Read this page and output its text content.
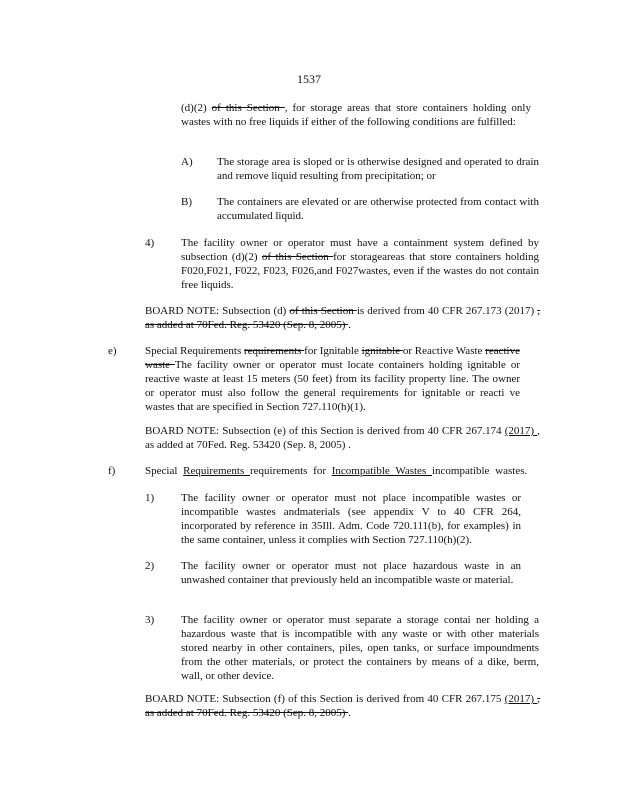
1537
(d)(2) of this Section , for storage areas that store containers holding only wastes with no free liquids if either of the following conditions are fulfilled:
A)	The storage area is sloped or is otherwise designed and operated to drain and remove liquid resulting from precipitation; or
B)	The containers are elevated or are otherwise protected from contact with accumulated liquid.
4)	The facility owner or operator must have a containment system defined by subsection (d)(2) of this Section for storageareas that store containers holding F020,F021, F022, F023, F026,and F027wastes, even if the wastes do not contain free liquids.
BOARD NOTE: Subsection (d) of this Section is derived from 40 CFR 267.173 (2017) , as added at 70Fed. Reg. 53420 (Sep. 8, 2005) .
e)	Special Requirements requirements for Ignitable ignitable or Reactive Waste reactive waste The facility owner or operator must locate containers holding ignitable or reactive waste at least 15 meters (50 feet) from its facility property line. The owner or operator must also follow the general requirements for ignitable or reacti ve wastes that are specified in Section 727.110(h)(1).
BOARD NOTE: Subsection (e) of this Section is derived from 40 CFR 267.174 (2017) , as added at 70Fed. Reg. 53420 (Sep. 8, 2005) .
f)	Special Requirements requirements for Incompatible Wastes incompatible wastes.
1)	The facility owner or operator must not place incompatible wastes or incompatible wastes andmaterials (see appendix V to 40 CFR 264, incorporated by reference in 35Ill. Adm. Code 720.111(b), for examples) in the same container, unless it complies with Section 727.110(h)(2).
2)	The facility owner or operator must not place hazardous waste in an unwashed container that previously held an incompatible waste or material.
3)	The facility owner or operator must separate a storage contai ner holding a hazardous waste that is incompatible with any waste or with other materials stored nearby in other containers, piles, open tanks, or surface impoundments from the other materials, or protect the containers by means of a dike, berm, wall, or other device.
BOARD NOTE: Subsection (f) of this Section is derived from 40 CFR 267.175 (2017) , as added at 70Fed. Reg. 53420 (Sep. 8, 2005) .
